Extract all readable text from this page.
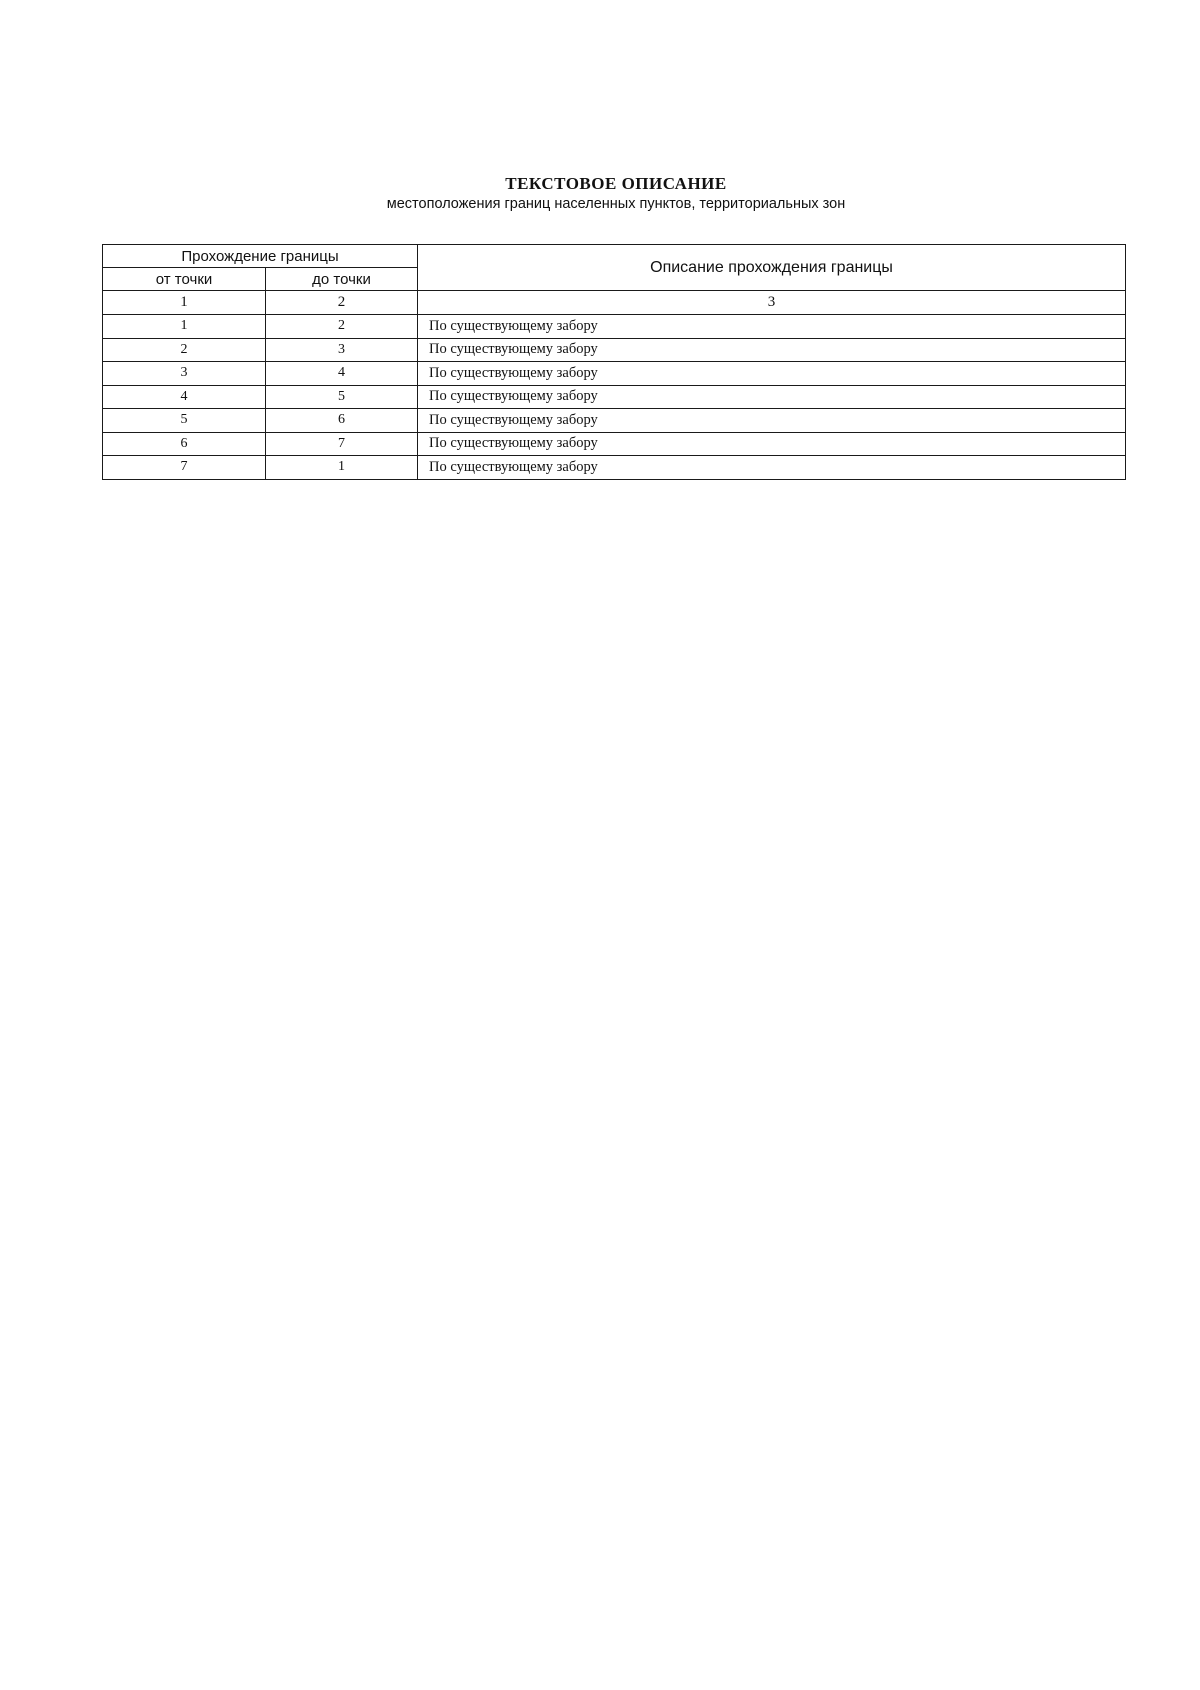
ТЕКСТОВОЕ ОПИСАНИЕ
местоположения границ населенных пунктов, территориальных зон
Прохождение границы		Описание прохождения границы
от точки	до точки	
1	2	3
1	2	По существующему забору
2	3	По существующему забору
3	4	По существующему забору
4	5	По существующему забору
5	6	По существующему забору
6	7	По существующему забору
7	1	По существующему забору
